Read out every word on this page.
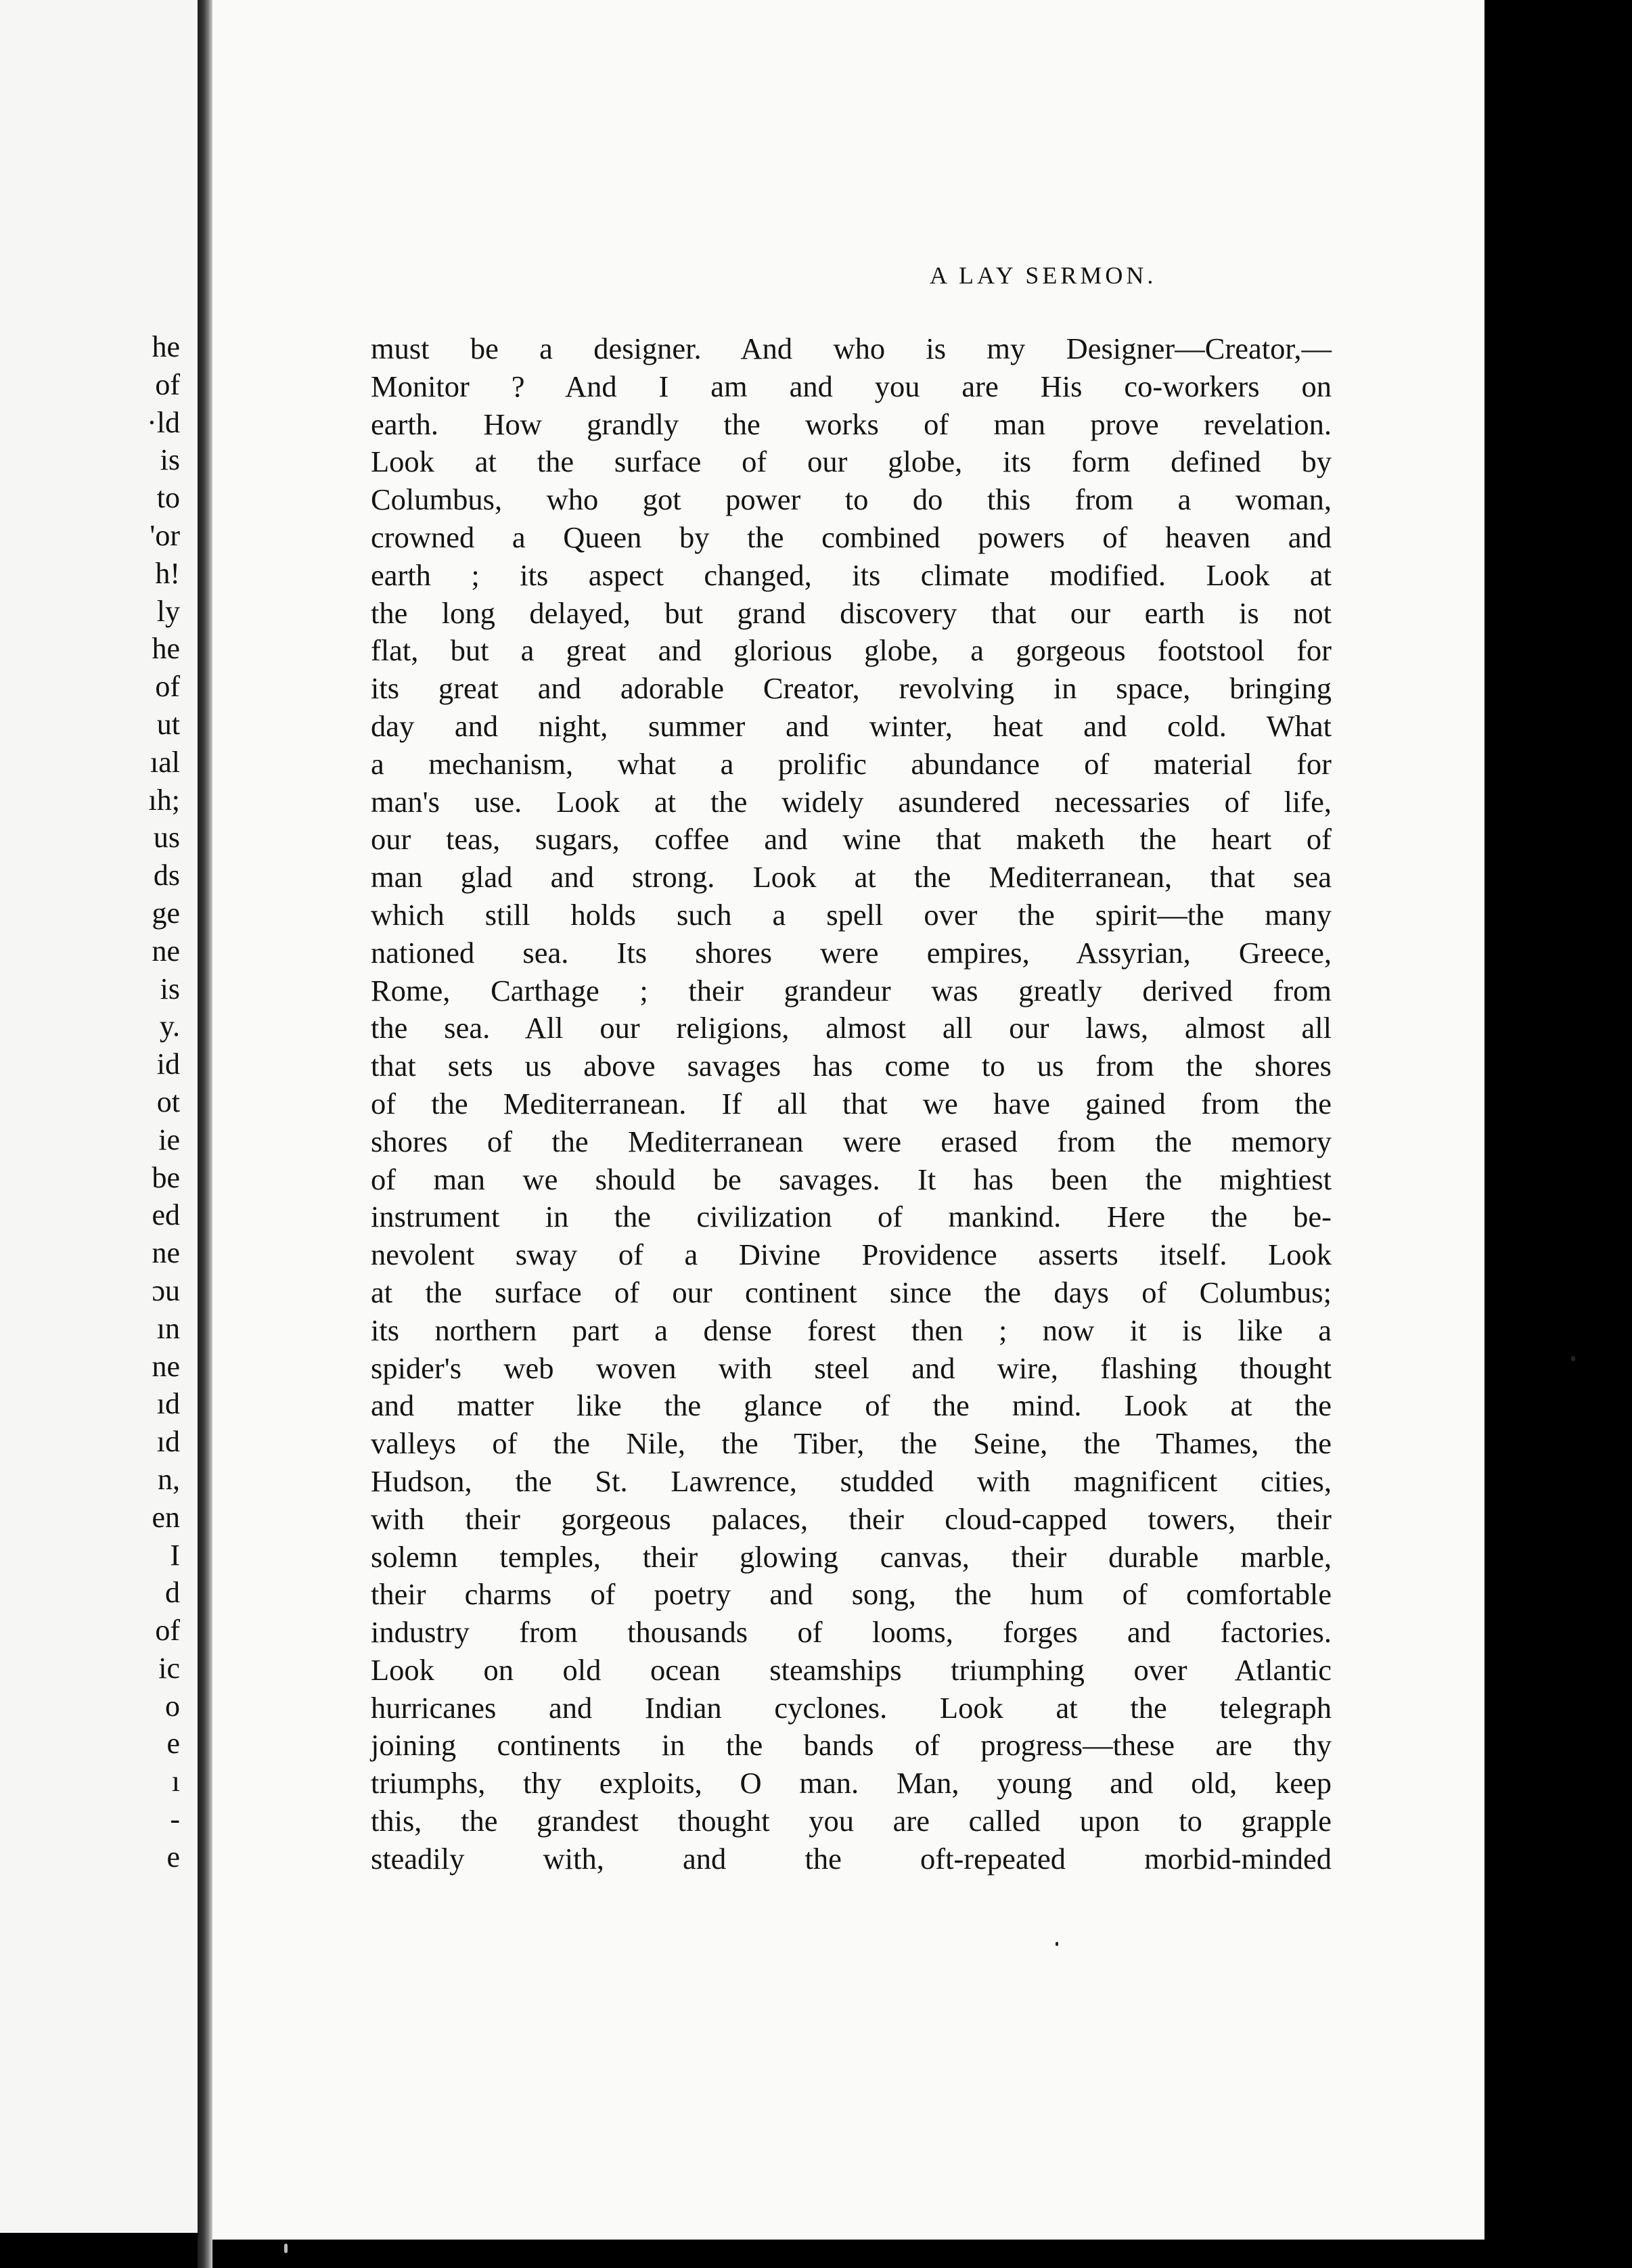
he
of
·ld
is
to
'or
h!
ly
he
of
ut
ıal
ıh;
us
ds
ge
ne
is
y.
id
ot
ie
be
ed
ne
ɔu
ın
ne
ıd
ıd
n,
en
I
d
of
ic
o
e
ı
-
e
A LAY SERMON.
must be a designer. And who is my Designer—Creator,—
Monitor ? And I am and you are His co-workers on
earth. How grandly the works of man prove revelation.
Look at the surface of our globe, its form defined by
Columbus, who got power to do this from a woman,
crowned a Queen by the combined powers of heaven and
earth ; its aspect changed, its climate modified. Look at
the long delayed, but grand discovery that our earth is not
flat, but a great and glorious globe, a gorgeous footstool for
its great and adorable Creator, revolving in space, bringing
day and night, summer and winter, heat and cold. What
a mechanism, what a prolific abundance of material for
man's use. Look at the widely asundered necessaries of life,
our teas, sugars, coffee and wine that maketh the heart of
man glad and strong. Look at the Mediterranean, that sea
which still holds such a spell over the spirit—the many
nationed sea. Its shores were empires, Assyrian, Greece,
Rome, Carthage ; their grandeur was greatly derived from
the sea. All our religions, almost all our laws, almost all
that sets us above savages has come to us from the shores
of the Mediterranean. If all that we have gained from the
shores of the Mediterranean were erased from the memory
of man we should be savages. It has been the mightiest
instrument in the civilization of mankind. Here the be-
nevolent sway of a Divine Providence asserts itself. Look
at the surface of our continent since the days of Columbus;
its northern part a dense forest then ; now it is like a
spider's web woven with steel and wire, flashing thought
and matter like the glance of the mind. Look at the
valleys of the Nile, the Tiber, the Seine, the Thames, the
Hudson, the St. Lawrence, studded with magnificent cities,
with their gorgeous palaces, their cloud-capped towers, their
solemn temples, their glowing canvas, their durable marble,
their charms of poetry and song, the hum of comfortable
industry from thousands of looms, forges and factories.
Look on old ocean steamships triumphing over Atlantic
hurricanes and Indian cyclones. Look at the telegraph
joining continents in the bands of progress—these are thy
triumphs, thy exploits, O man. Man, young and old, keep
this, the grandest thought you are called upon to grapple
steadily with, and the oft-repeated morbid-minded
